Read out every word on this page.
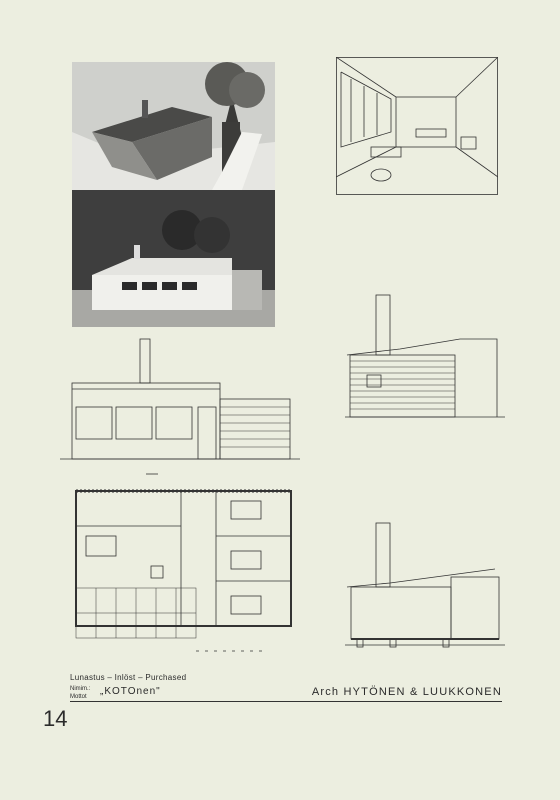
Lunastus – Inlöst – Purchased
Nimim.:
Mottot „KOTOnen"	Arch HYTÖNEN & LUUKKONEN
14
